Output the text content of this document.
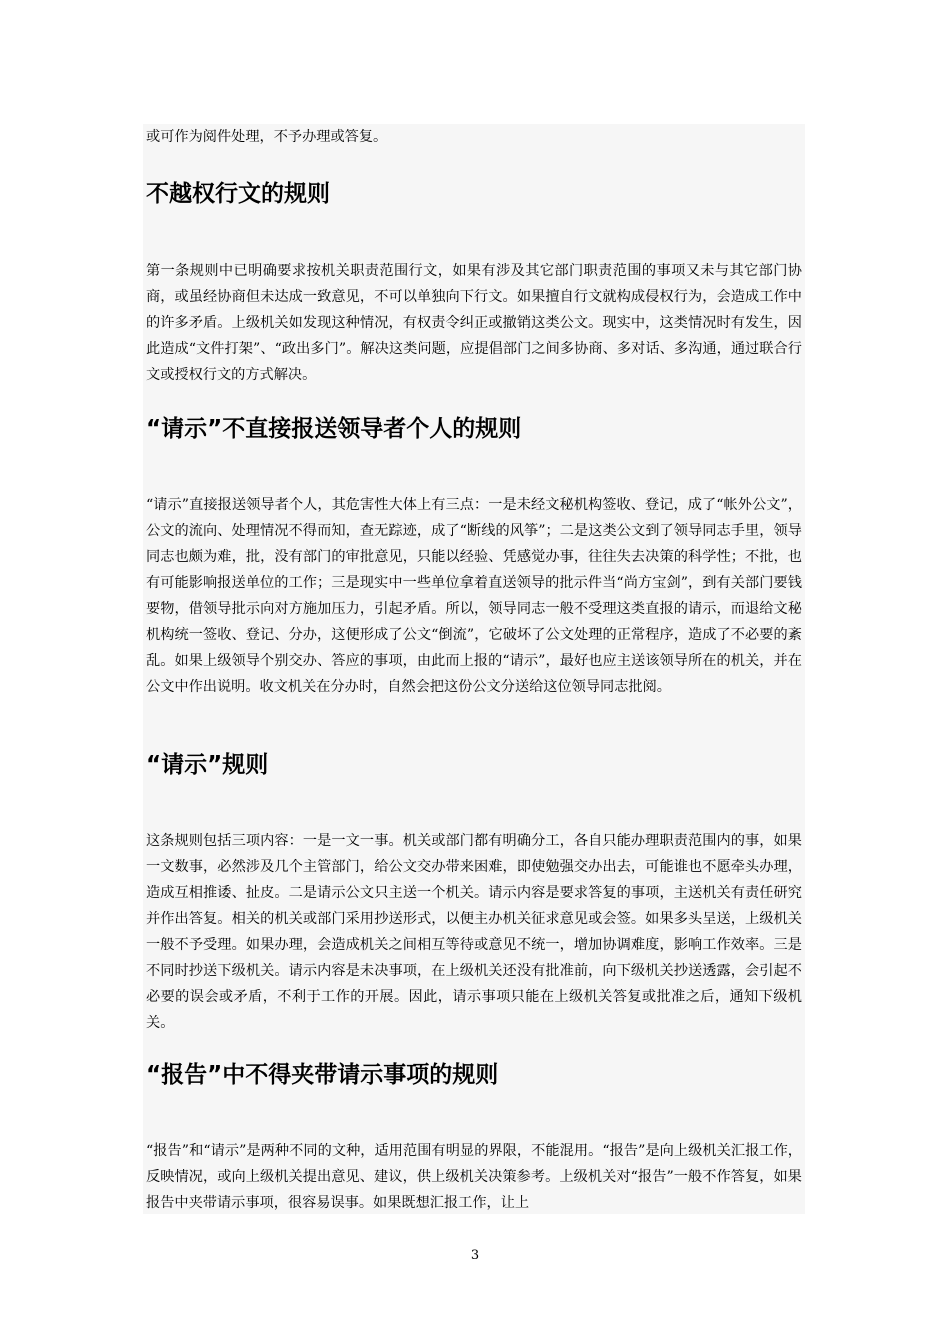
或可作为阅件处理，不予办理或答复。

不越权行文的规则

第一条规则中已明确要求按机关职责范围行文，如果有涉及其它部门职责范围的事项又未与其它部门协商，或虽经协商但未达成一致意见，不可以单独向下行文。如果擅自行文就构成侵权行为，会造成工作中的许多矛盾。上级机关如发现这种情况，有权责令纠正或撤销这类公文。现实中，这类情况时有发生，因此造成“文件打架”、“政出多门”。解决这类问题，应提倡部门之间多协商、多对话、多沟通，通过联合行文或授权行文的方式解决。

“请示”不直接报送领导者个人的规则

“请示”直接报送领导者个人，其危害性大体上有三点：一是未经文秘机构签收、登记，成了“帐外公文”，公文的流向、处理情况不得而知，查无踪迹，成了“断线的风筝”；二是这类公文到了领导同志手里，领导同志也颇为难，批，没有部门的审批意见，只能以经验、凭感觉办事，往往失去决策的科学性；不批，也有可能影响报送单位的工作；三是现实中一些单位拿着直送领导的批示件当“尚方宝剑”，到有关部门要钱要物，借领导批示向对方施加压力，引起矛盾。所以，领导同志一般不受理这类直报的请示，而退给文秘机构统一签收、登记、分办，这便形成了公文“倒流”，它破坏了公文处理的正常程序，造成了不必要的紊乱。如果上级领导个别交办、答应的事项，由此而上报的“请示”，最好也应主送该领导所在的机关，并在公文中作出说明。收文机关在分办时，自然会把这份公文分送给这位领导同志批阅。

“请示”规则

这条规则包括三项内容：一是一文一事。机关或部门都有明确分工，各自只能办理职责范围内的事，如果一文数事，必然涉及几个主管部门，给公文交办带来困难，即使勉强交办出去，可能谁也不愿牵头办理，造成互相推诿、扯皮。二是请示公文只主送一个机关。请示内容是要求答复的事项，主送机关有责任研究并作出答复。相关的机关或部门采用抄送形式，以便主办机关征求意见或会签。如果多头呈送，上级机关一般不予受理。如果办理，会造成机关之间相互等待或意见不统一，增加协调难度，影响工作效率。三是不同时抄送下级机关。请示内容是未决事项，在上级机关还没有批准前，向下级机关抄送透露，会引起不必要的误会或矛盾，不利于工作的开展。因此，请示事项只能在上级机关答复或批准之后，通知下级机关。

“报告”中不得夹带请示事项的规则

“报告”和“请示”是两种不同的文种，适用范围有明显的界限，不能混用。“报告”是向上级机关汇报工作，反映情况，或向上级机关提出意见、建议，供上级机关决策参考。上级机关对“报告”一般不作答复，如果报告中夹带请示事项，很容易误事。如果既想汇报工作，让上

3
